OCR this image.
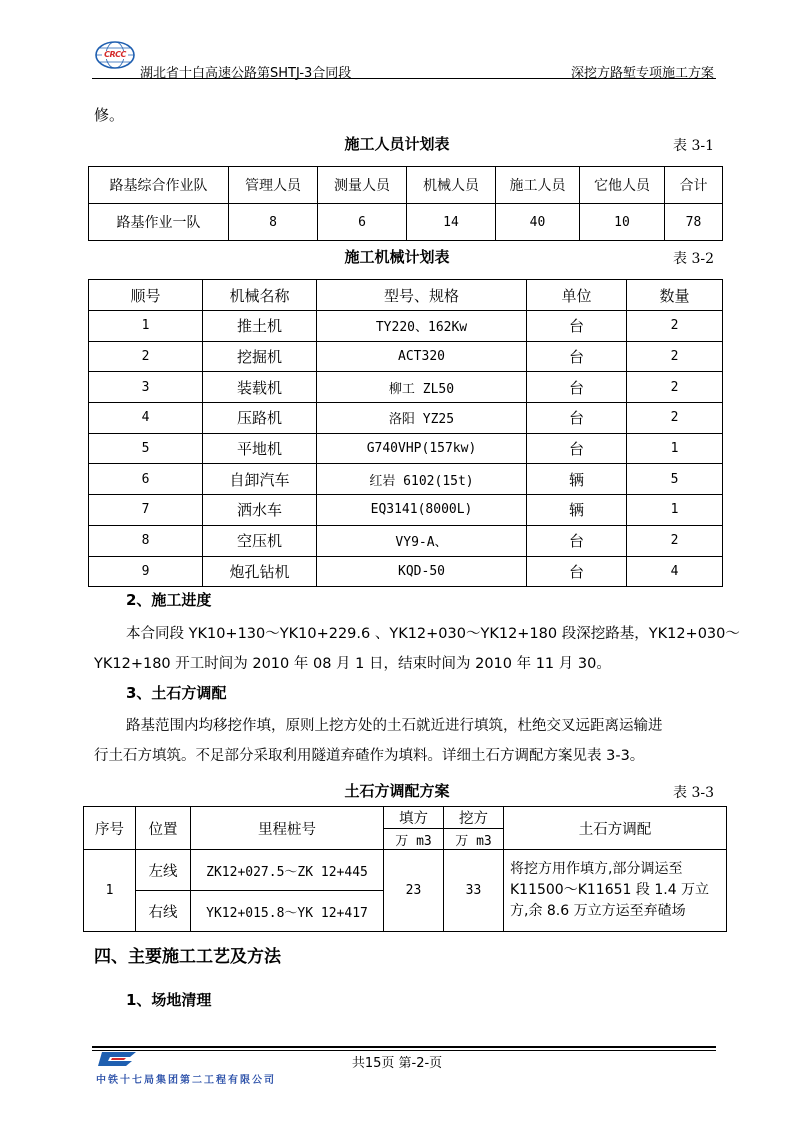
CRCC
湖北省十白高速公路第SHTJ-3合同段	深挖方路堑专项施工方案
修。
施工人员计划表	表 3-1
路基综合作业队	管理人员	测量人员	机械人员	施工人员	它他人员	合计
路基作业一队	8	6	14	40	10	78
施工机械计划表	表 3-2
顺号	机械名称	型号、规格	单位	数量
1	推土机	TY220、162Kw	台	2
2	挖掘机	ACT320	台	2
3	装载机	柳工 ZL50	台	2
4	压路机	洛阳 YZ25	台	2
5	平地机	G740VHP(157kw)	台	1
6	自卸汽车	红岩 6102(15t)	辆	5
7	洒水车	EQ3141(8000L)	辆	1
8	空压机	VY9-A、	台	2
9	炮孔钻机	KQD-50	台	4
2、施工进度
本合同段 YK10+130～YK10+229.6 、YK12+030～YK12+180 段深挖路基，YK12+030～
YK12+180 开工时间为 2010 年 08 月 1 日，结束时间为 2010 年 11 月 30。
3、土石方调配
路基范围内均移挖作填，原则上挖方处的土石就近进行填筑，杜绝交叉远距离运输进
行土石方填筑。不足部分采取利用隧道弃碴作为填料。详细土石方调配方案见表 3-3。
土石方调配方案	表 3-3
序号	位置	里程桩号	填方	挖方	土石方调配
			万 m3	万 m3	
1	左线	ZK12+027.5～ZK 12+445	23	33	将挖方用作填方,部分调运至
K11500～K11651 段 1.4 万立
方,余 8.6 万立方运至弃碴场

	右线	YK12+015.8～YK 12+417			
四、主要施工工艺及方法
1、场地清理
共15页 第-2-页
中铁十七局集团第二工程有限公司
